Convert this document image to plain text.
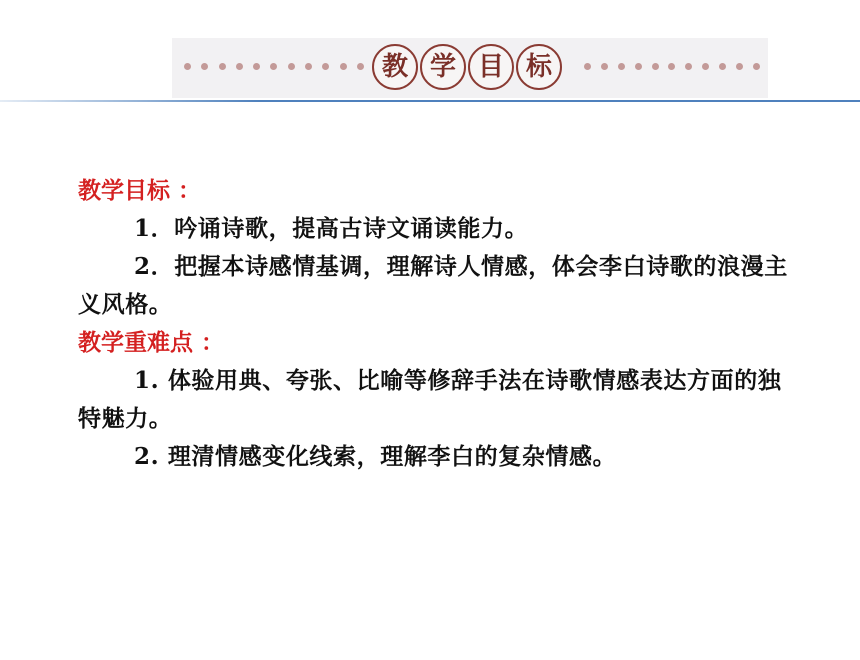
教 学 目 标

教学目标 ：

1．吟诵诗歌，提高古诗文诵读能力。

2．把握本诗感情基调，理解诗人情感，体会李白诗歌的浪漫主义风格。

教学重难点 ：

1. 体验用典、夸张、比喻等修辞手法在诗歌情感表达方面的独特魅力。

2. 理清情感变化线索，理解李白的复杂情感。
